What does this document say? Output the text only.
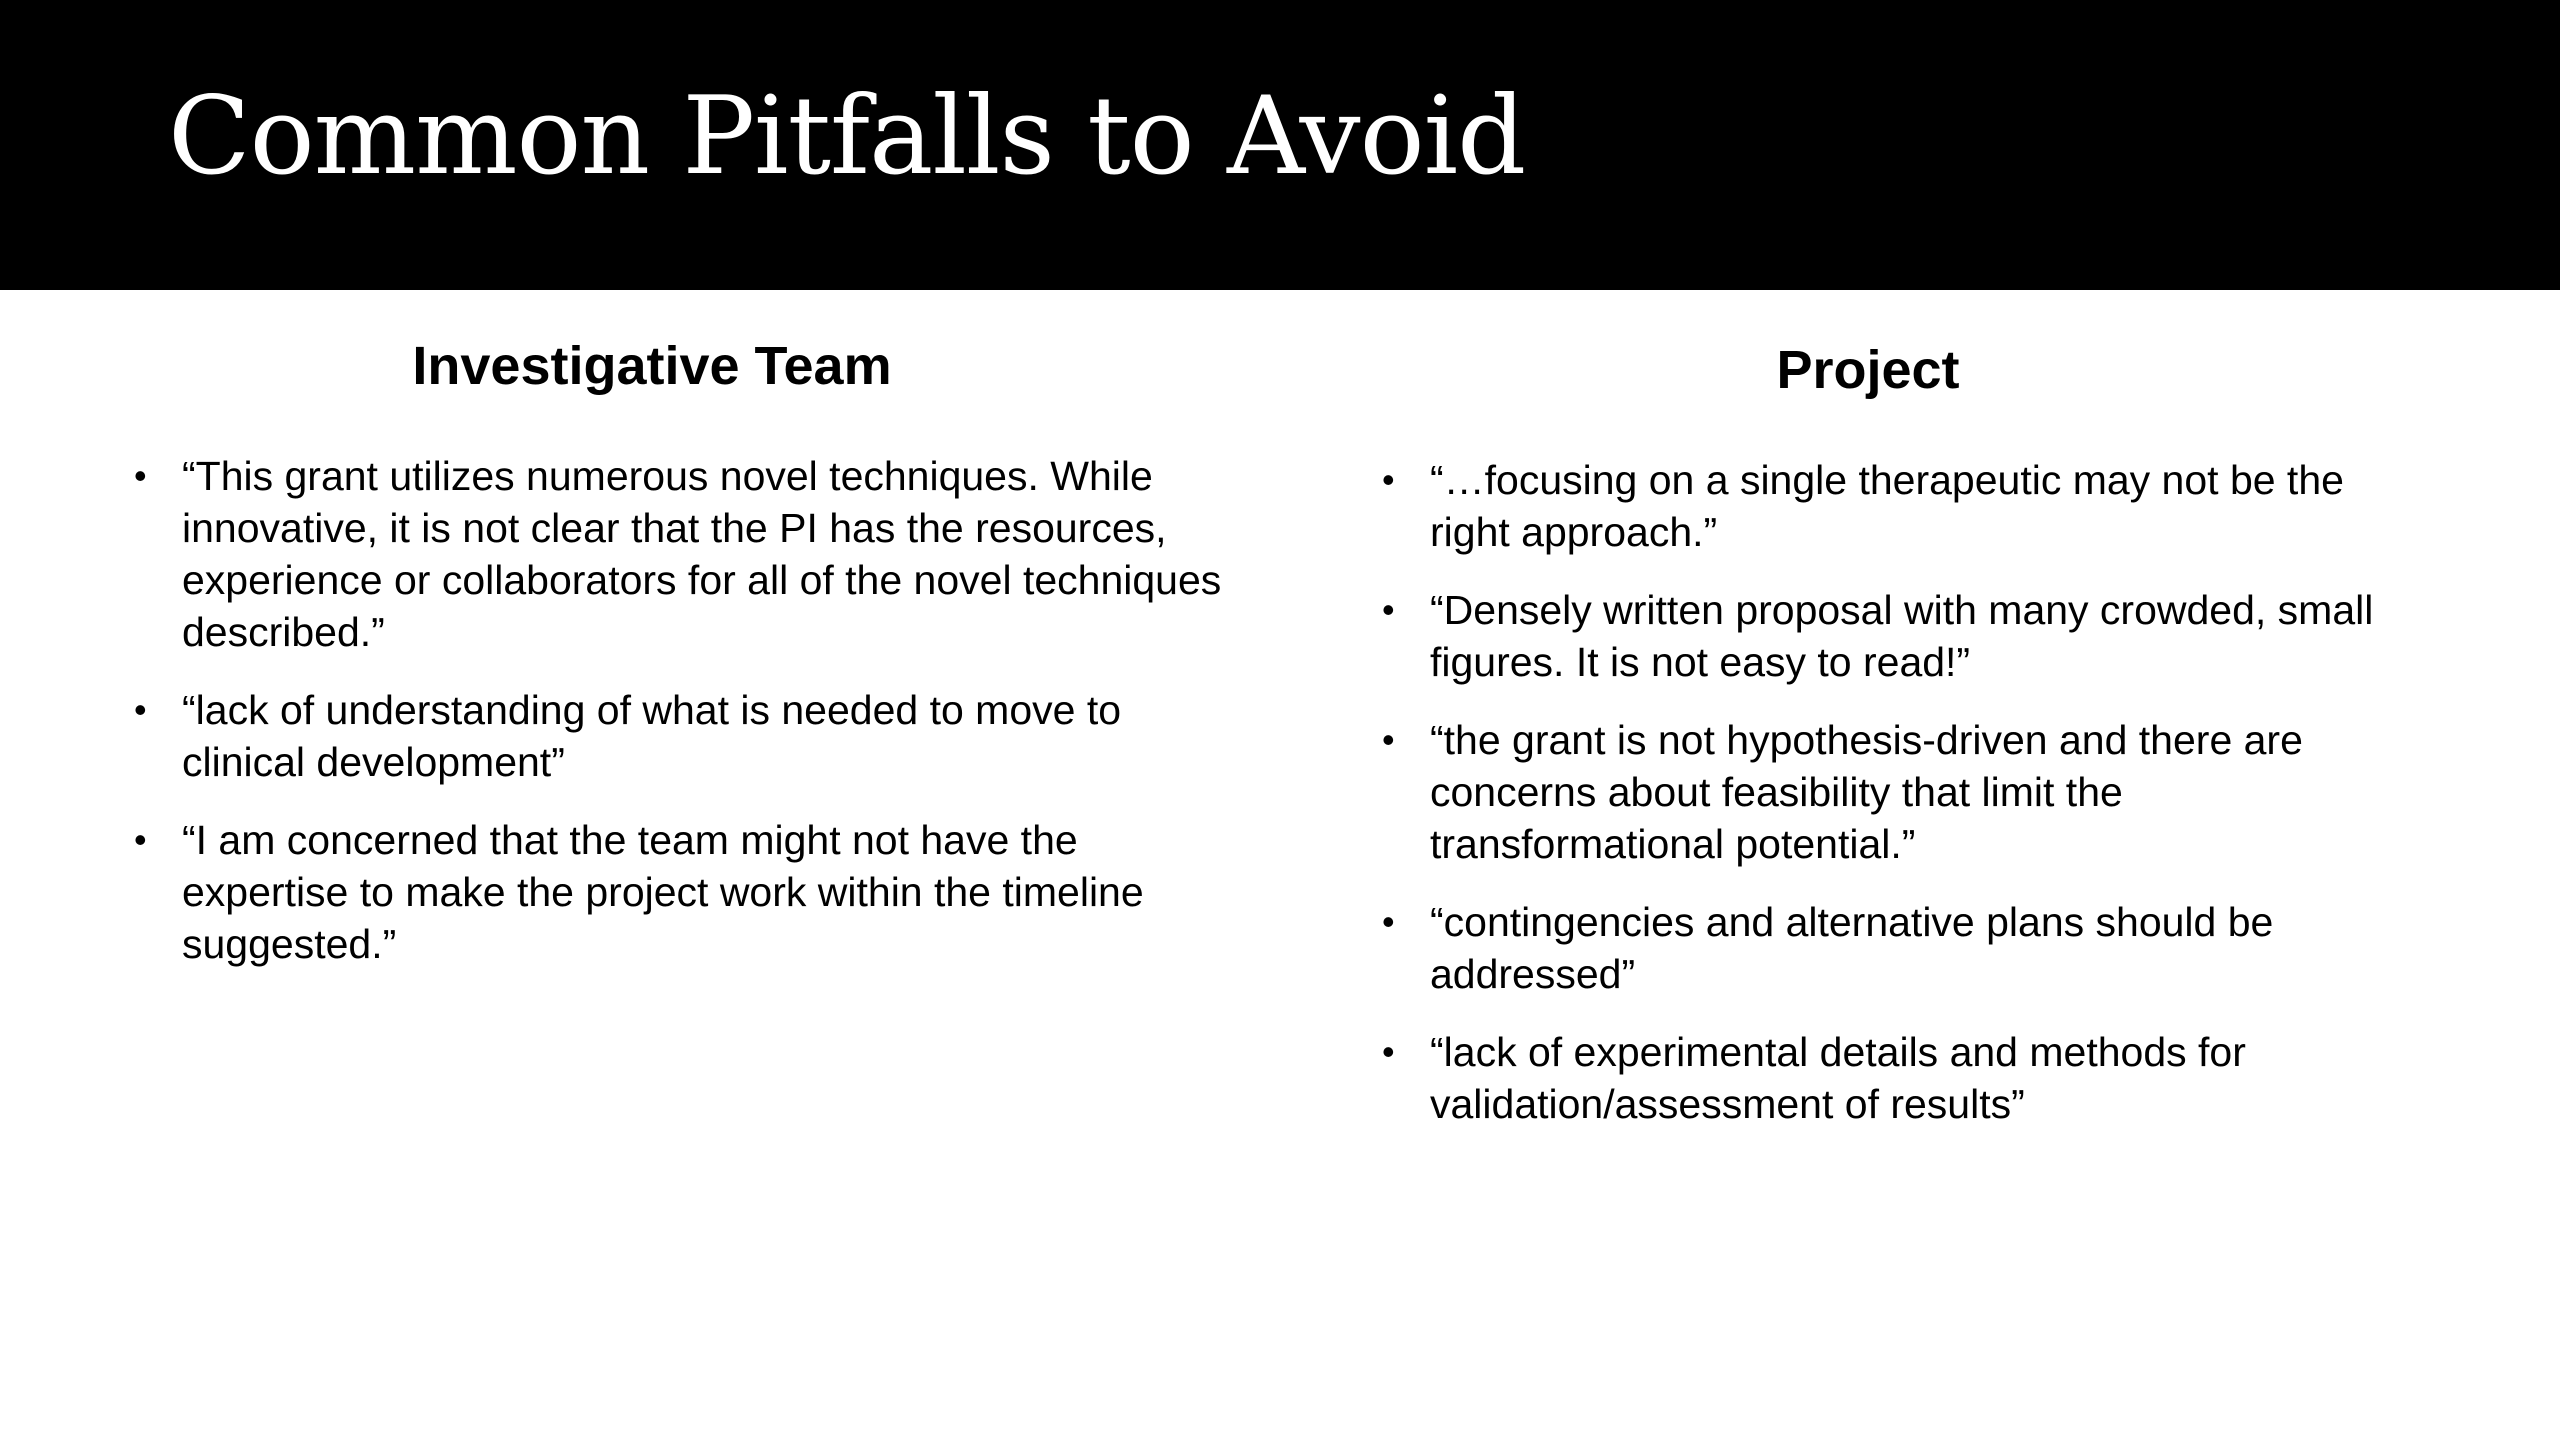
Common Pitfalls to Avoid
Investigative Team
• “This grant utilizes numerous novel techniques. While innovative, it is not clear that the PI has the resources, experience or collaborators for all of the novel techniques described.”
• “lack of understanding of what is needed to move to clinical development”
• “I am concerned that the team might not have the expertise to make the project work within the timeline suggested.”
Project
• “…focusing on a single therapeutic may not be the right approach.”
• “Densely written proposal with many crowded, small figures. It is not easy to read!”
• “the grant is not hypothesis-driven and there are concerns about feasibility that limit the transformational potential.”
• “contingencies and alternative plans should be addressed”
• “lack of experimental details and methods for validation/assessment of results”
